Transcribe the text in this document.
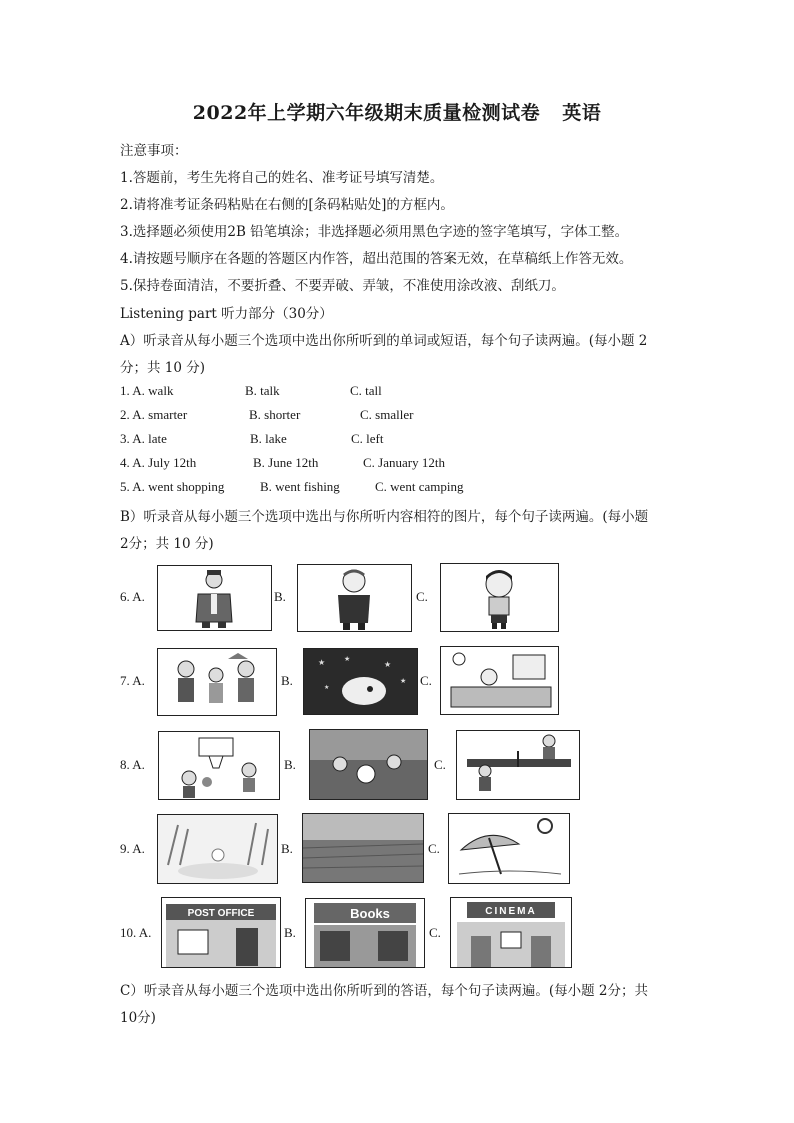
2022年上学期六年级期末质量检测试卷 英语
注意事项：
1.答题前，考生先将自己的姓名、准考证号填写清楚。
2.请将准考证条码粘贴在右侧的[条码粘贴处]的方框内。
3.选择题必须使用2B 铅笔填涂；非选择题必须用黑色字迹的签字笔填写，字体工整。
4.请按题号顺序在各题的答题区内作答，超出范围的答案无效，在草稿纸上作答无效。
5.保持卷面清洁，不要折叠、不要弄破、弄皱，不准使用涂改液、刮纸刀。
Listening part 听力部分（30分）
A）听录音从每小题三个选项中选出你所听到的单词或短语，每个句子读两遍。(每小题 2
分；共 10 分)
1. A. walk	B. talk	C. tall
2. A. smarter	B. shorter	C. smaller
3. A. late	B. lake	C. left
4. A. July 12th	B. June 12th	C. January 12th
5. A. went shopping	B. went fishing	C. went camping
B）听录音从每小题三个选项中选出与你所听内容相符的图片，每个句子读两遍。(每小题
2分；共 10 分)
6. A.	B.	C.
7. A.	B.
★	★
★
★
★	C.
8. A.	B.	C.
9. A.	B.	C.
10. A.
POST OFFICE
B.
Books
C.
CINEMA
C）听录音从每小题三个选项中选出你所听到的答语，每个句子读两遍。(每小题 2分；共
10分)
